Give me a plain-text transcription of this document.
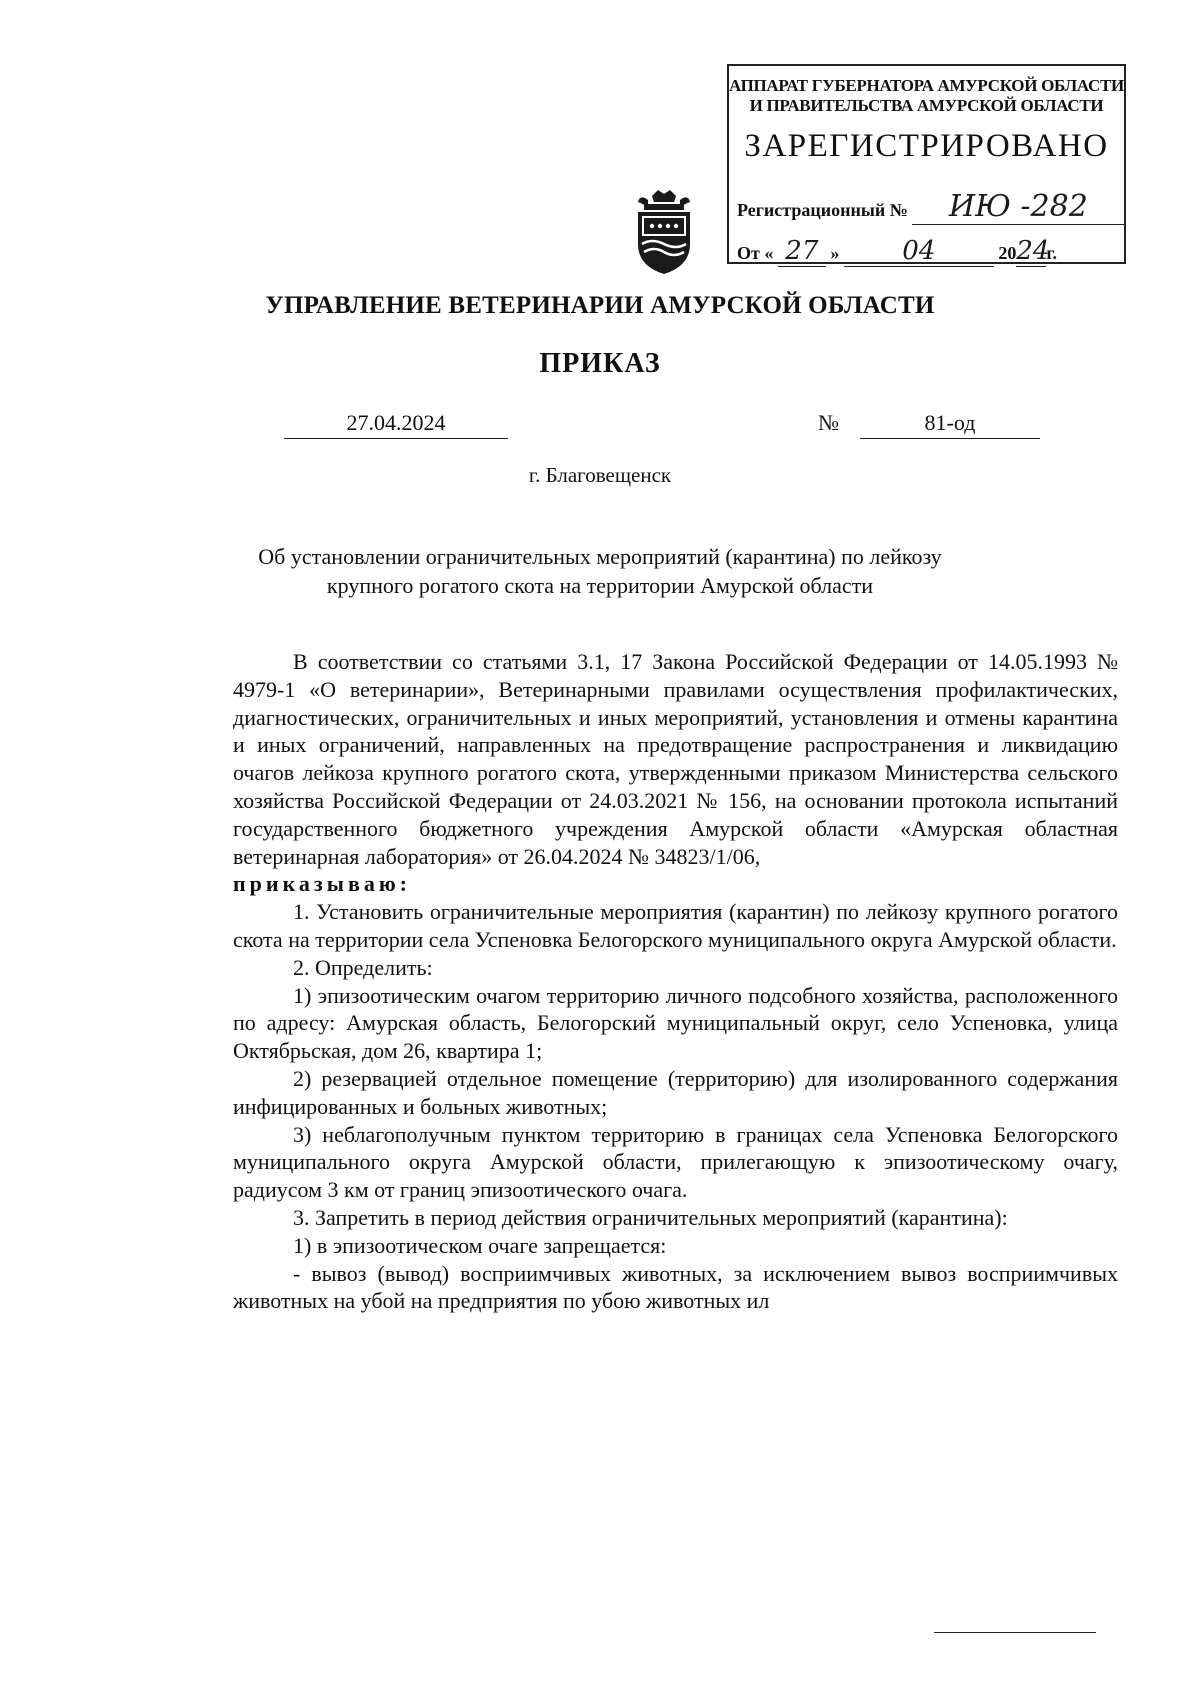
АППАРАТ ГУБЕРНАТОРА АМУРСКОЙ ОБЛАСТИ
И ПРАВИТЕЛЬСТВА АМУРСКОЙ ОБЛАСТИ
ЗАРЕГИСТРИРОВАНО
Регистрационный № ИЮ -282
От « 27 » 04	2024г.
УПРАВЛЕНИЕ ВЕТЕРИНАРИИ АМУРСКОЙ ОБЛАСТИ
ПРИКАЗ
27.04.2024	№	81-од
г. Благовещенск
Об установлении ограничительных мероприятий (карантина) по лейкозу
крупного рогатого скота на территории Амурской области

В соответствии со статьями 3.1, 17 Закона Российской Федерации от 14.05.1993 № 4979-1 «О ветеринарии», Ветеринарными правилами осуществления профилактических, диагностических, ограничительных и иных мероприятий, установления и отмены карантина и иных ограничений, направленных на предотвращение распространения и ликвидацию очагов лейкоза крупного рогатого скота, утвержденными приказом Министерства сельского хозяйства Российской Федерации от 24.03.2021 № 156, на основании протокола испытаний государственного бюджетного учреждения Амурской области «Амурская областная ветеринарная лаборатория» от 26.04.2024 № 34823/1/06,

приказываю:

1. Установить ограничительные мероприятия (карантин) по лейкозу крупного рогатого скота на территории села Успеновка Белогорского муниципального округа Амурской области.

2. Определить:

1) эпизоотическим очагом территорию личного подсобного хозяйства, расположенного по адресу: Амурская область, Белогорский муниципальный округ, село Успеновка, улица Октябрьская, дом 26, квартира 1;

2) резервацией отдельное помещение (территорию) для изолированного содержания инфицированных и больных животных;

3) неблагополучным пунктом территорию в границах села Успеновка Белогорского муниципального округа Амурской области, прилегающую к эпизоотическому очагу, радиусом 3 км от границ эпизоотического очага.

3. Запретить в период действия ограничительных мероприятий (карантина):

1) в эпизоотическом очаге запрещается:

- вывоз (вывод) восприимчивых животных, за исключением вывоз восприимчивых животных на убой на предприятия по убою животных ил
